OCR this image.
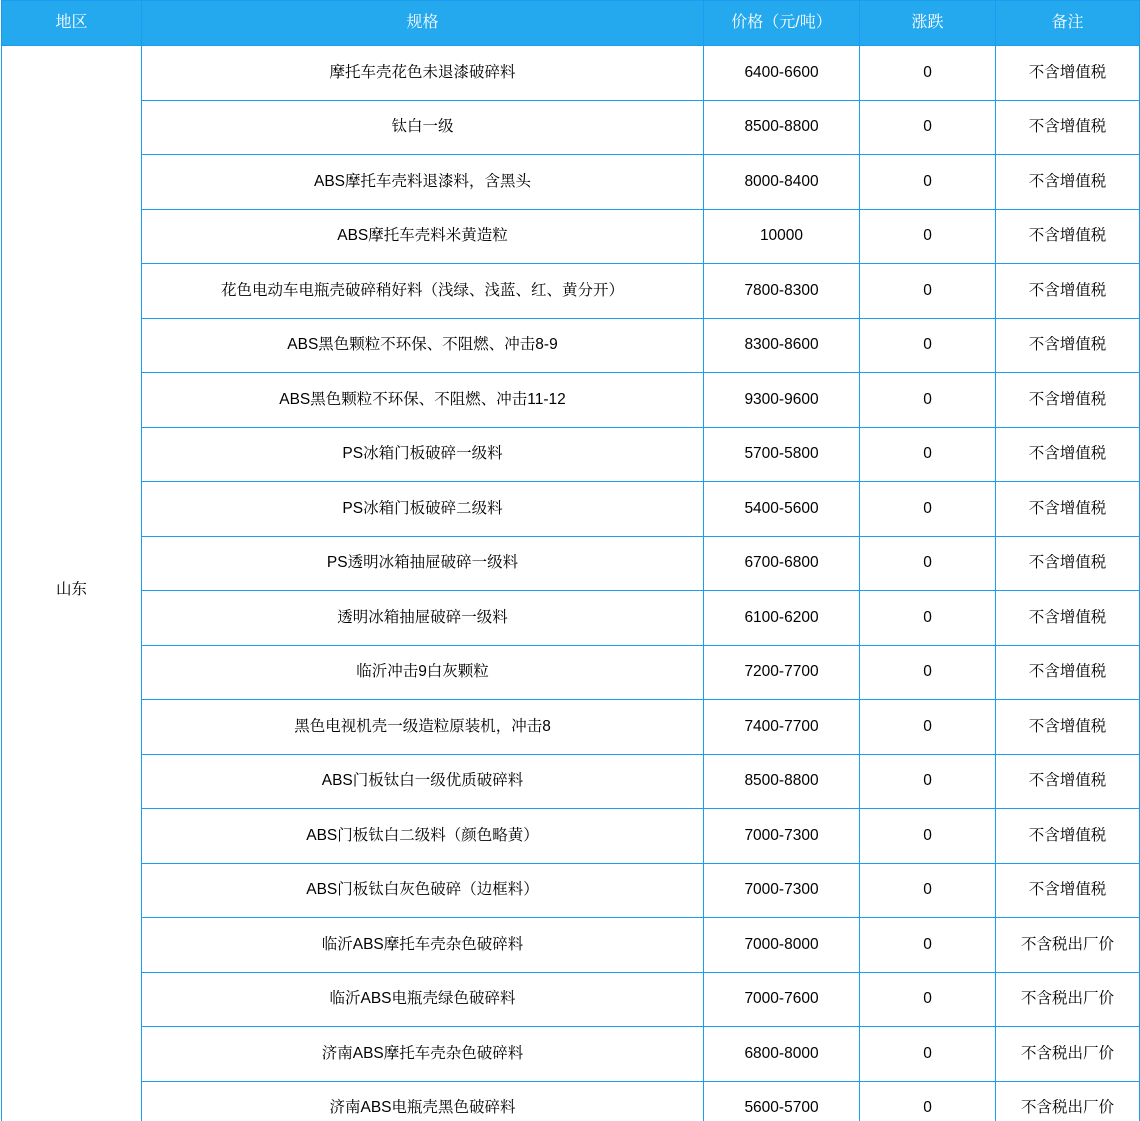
地区	规格	价格（元/吨）	涨跌	备注
山东	摩托车壳花色未退漆破碎料	6400-6600	0	不含增值税
	钛白一级	8500-8800	0	不含增值税
	ABS摩托车壳料退漆料，含黑头	8000-8400	0	不含增值税
	ABS摩托车壳料米黄造粒	10000	0	不含增值税
	花色电动车电瓶壳破碎稍好料（浅绿、浅蓝、红、黄分开）	7800-8300	0	不含增值税
	ABS黑色颗粒不环保、不阻燃、冲击8-9	8300-8600	0	不含增值税
	ABS黑色颗粒不环保、不阻燃、冲击11-12	9300-9600	0	不含增值税
	PS冰箱门板破碎一级料	5700-5800	0	不含增值税
	PS冰箱门板破碎二级料	5400-5600	0	不含增值税
	PS透明冰箱抽屉破碎一级料	6700-6800	0	不含增值税
	透明冰箱抽屉破碎一级料	6100-6200	0	不含增值税
	临沂冲击9白灰颗粒	7200-7700	0	不含增值税
	黑色电视机壳一级造粒原装机，冲击8	7400-7700	0	不含增值税
	ABS门板钛白一级优质破碎料	8500-8800	0	不含增值税
	ABS门板钛白二级料（颜色略黄）	7000-7300	0	不含增值税
	ABS门板钛白灰色破碎（边框料）	7000-7300	0	不含增值税
	临沂ABS摩托车壳杂色破碎料	7000-8000	0	不含税出厂价
	临沂ABS电瓶壳绿色破碎料	7000-7600	0	不含税出厂价
	济南ABS摩托车壳杂色破碎料	6800-8000	0	不含税出厂价
	济南ABS电瓶壳黑色破碎料	5600-5700	0	不含税出厂价
